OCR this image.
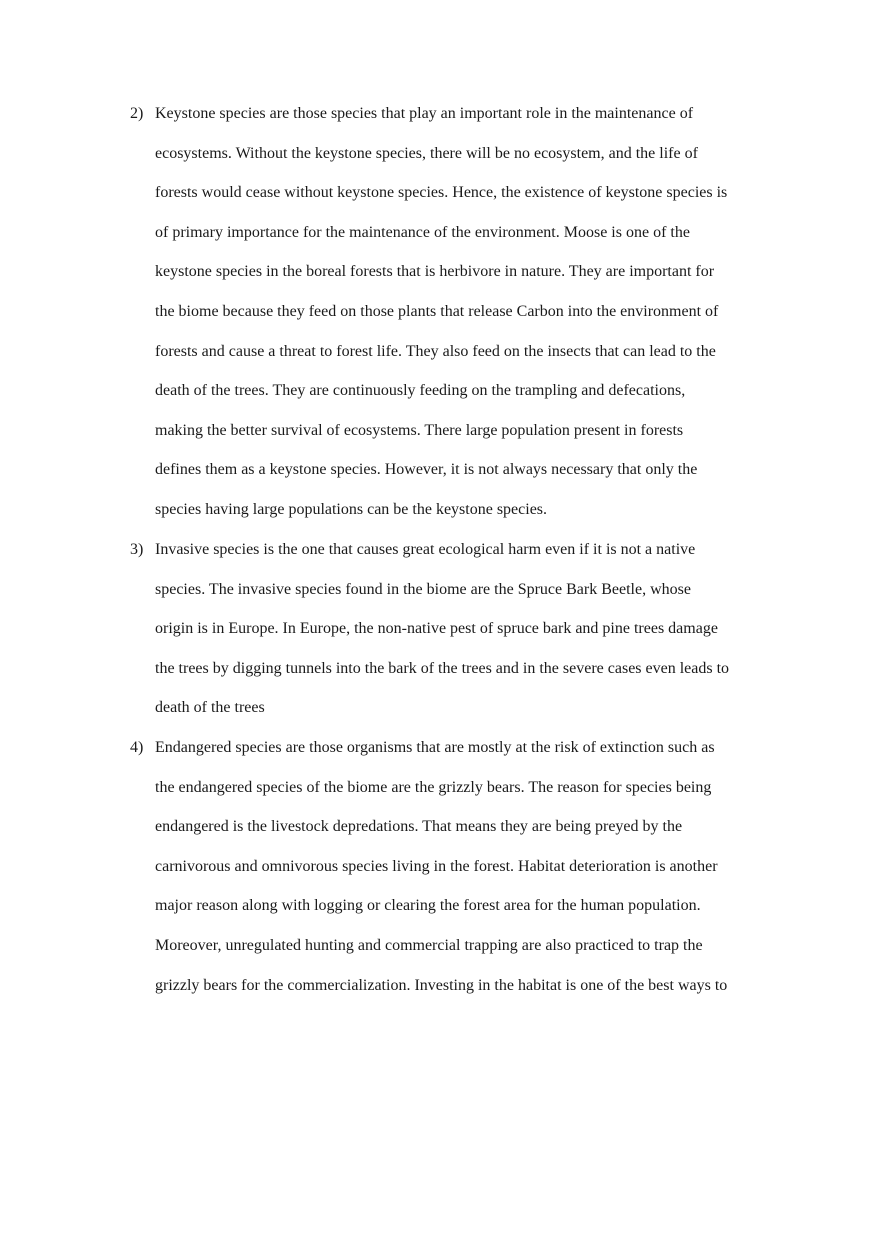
2) Keystone species are those species that play an important role in the maintenance of
ecosystems. Without the keystone species, there will be no ecosystem, and the life of
forests would cease without keystone species. Hence, the existence of keystone species is
of primary importance for the maintenance of the environment. Moose is one of the
keystone species in the boreal forests that is herbivore in nature. They are important for
the biome because they feed on those plants that release Carbon into the environment of
forests and cause a threat to forest life. They also feed on the insects that can lead to the
death of the trees. They are continuously feeding on the trampling and defecations,
making the better survival of ecosystems. There large population present in forests
defines them as a keystone species. However, it is not always necessary that only the
species having large populations can be the keystone species.
3) Invasive species is the one that causes great ecological harm even if it is not a native
species. The invasive species found in the biome are the Spruce Bark Beetle, whose
origin is in Europe. In Europe, the non-native pest of spruce bark and pine trees damage
the trees by digging tunnels into the bark of the trees and in the severe cases even leads to
death of the trees
4) Endangered species are those organisms that are mostly at the risk of extinction such as
the endangered species of the biome are the grizzly bears. The reason for species being
endangered is the livestock depredations. That means they are being preyed by the
carnivorous and omnivorous species living in the forest. Habitat deterioration is another
major reason along with logging or clearing the forest area for the human population.
Moreover, unregulated hunting and commercial trapping are also practiced to trap the
grizzly bears for the commercialization. Investing in the habitat is one of the best ways to
